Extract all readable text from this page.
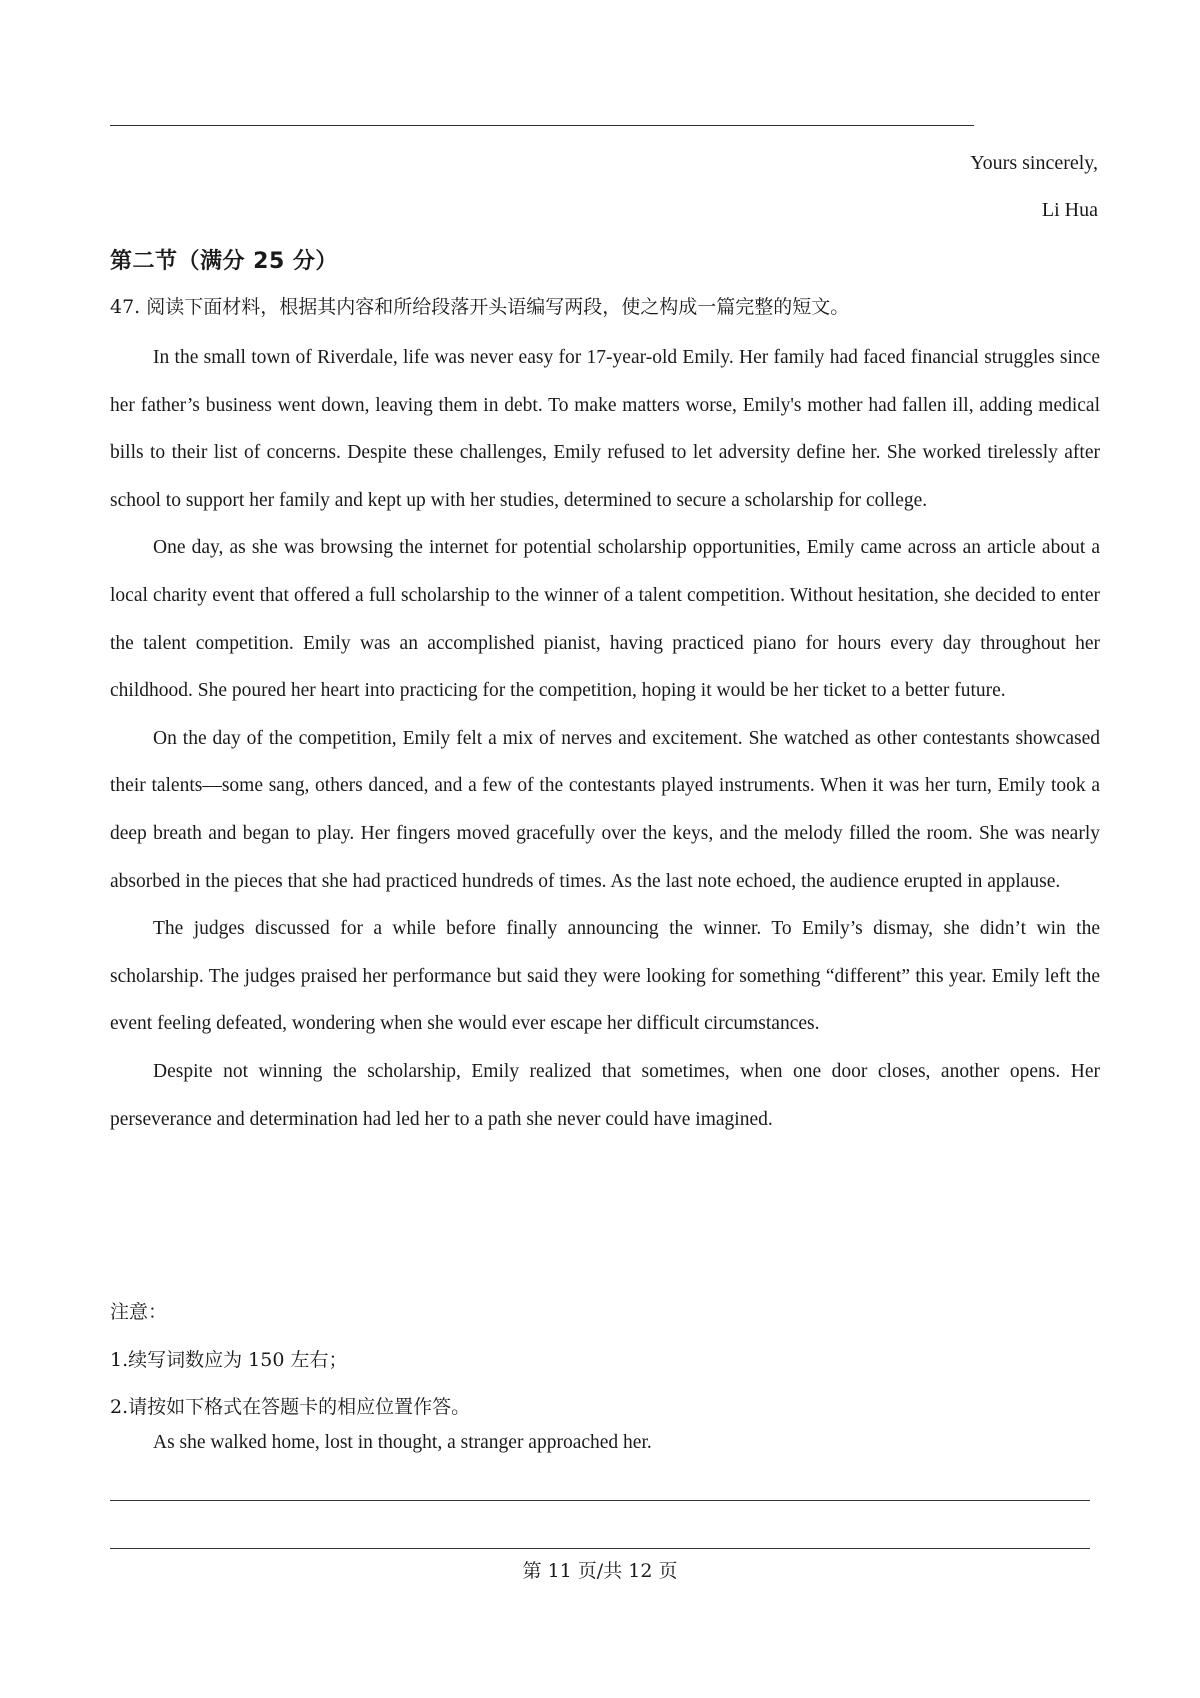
Yours sincerely,
Li Hua
第二节（满分 25 分）
47. 阅读下面材料，根据其内容和所给段落开头语编写两段，使之构成一篇完整的短文。

In the small town of Riverdale, life was never easy for 17-year-old Emily. Her family had faced financial struggles since her father’s business went down, leaving them in debt. To make matters worse, Emily's mother had fallen ill, adding medical bills to their list of concerns. Despite these challenges, Emily refused to let adversity define her. She worked tirelessly after school to support her family and kept up with her studies, determined to secure a scholarship for college.

One day, as she was browsing the internet for potential scholarship opportunities, Emily came across an article about a local charity event that offered a full scholarship to the winner of a talent competition. Without hesitation, she decided to enter the talent competition. Emily was an accomplished pianist, having practiced piano for hours every day throughout her childhood. She poured her heart into practicing for the competition, hoping it would be her ticket to a better future.

On the day of the competition, Emily felt a mix of nerves and excitement. She watched as other contestants showcased their talents—some sang, others danced, and a few of the contestants played instruments. When it was her turn, Emily took a deep breath and began to play. Her fingers moved gracefully over the keys, and the melody filled the room. She was nearly absorbed in the pieces that she had practiced hundreds of times. As the last note echoed, the audience erupted in applause.

The judges discussed for a while before finally announcing the winner. To Emily’s dismay, she didn’t win the scholarship. The judges praised her performance but said they were looking for something “different” this year. Emily left the event feeling defeated, wondering when she would ever escape her difficult circumstances.

Despite not winning the scholarship, Emily realized that sometimes, when one door closes, another opens. Her perseverance and determination had led her to a path she never could have imagined.

注意：
1.续写词数应为 150 左右；
2.请按如下格式在答题卡的相应位置作答。
As she walked home, lost in thought, a stranger approached her.
第 11 页/共 12 页
